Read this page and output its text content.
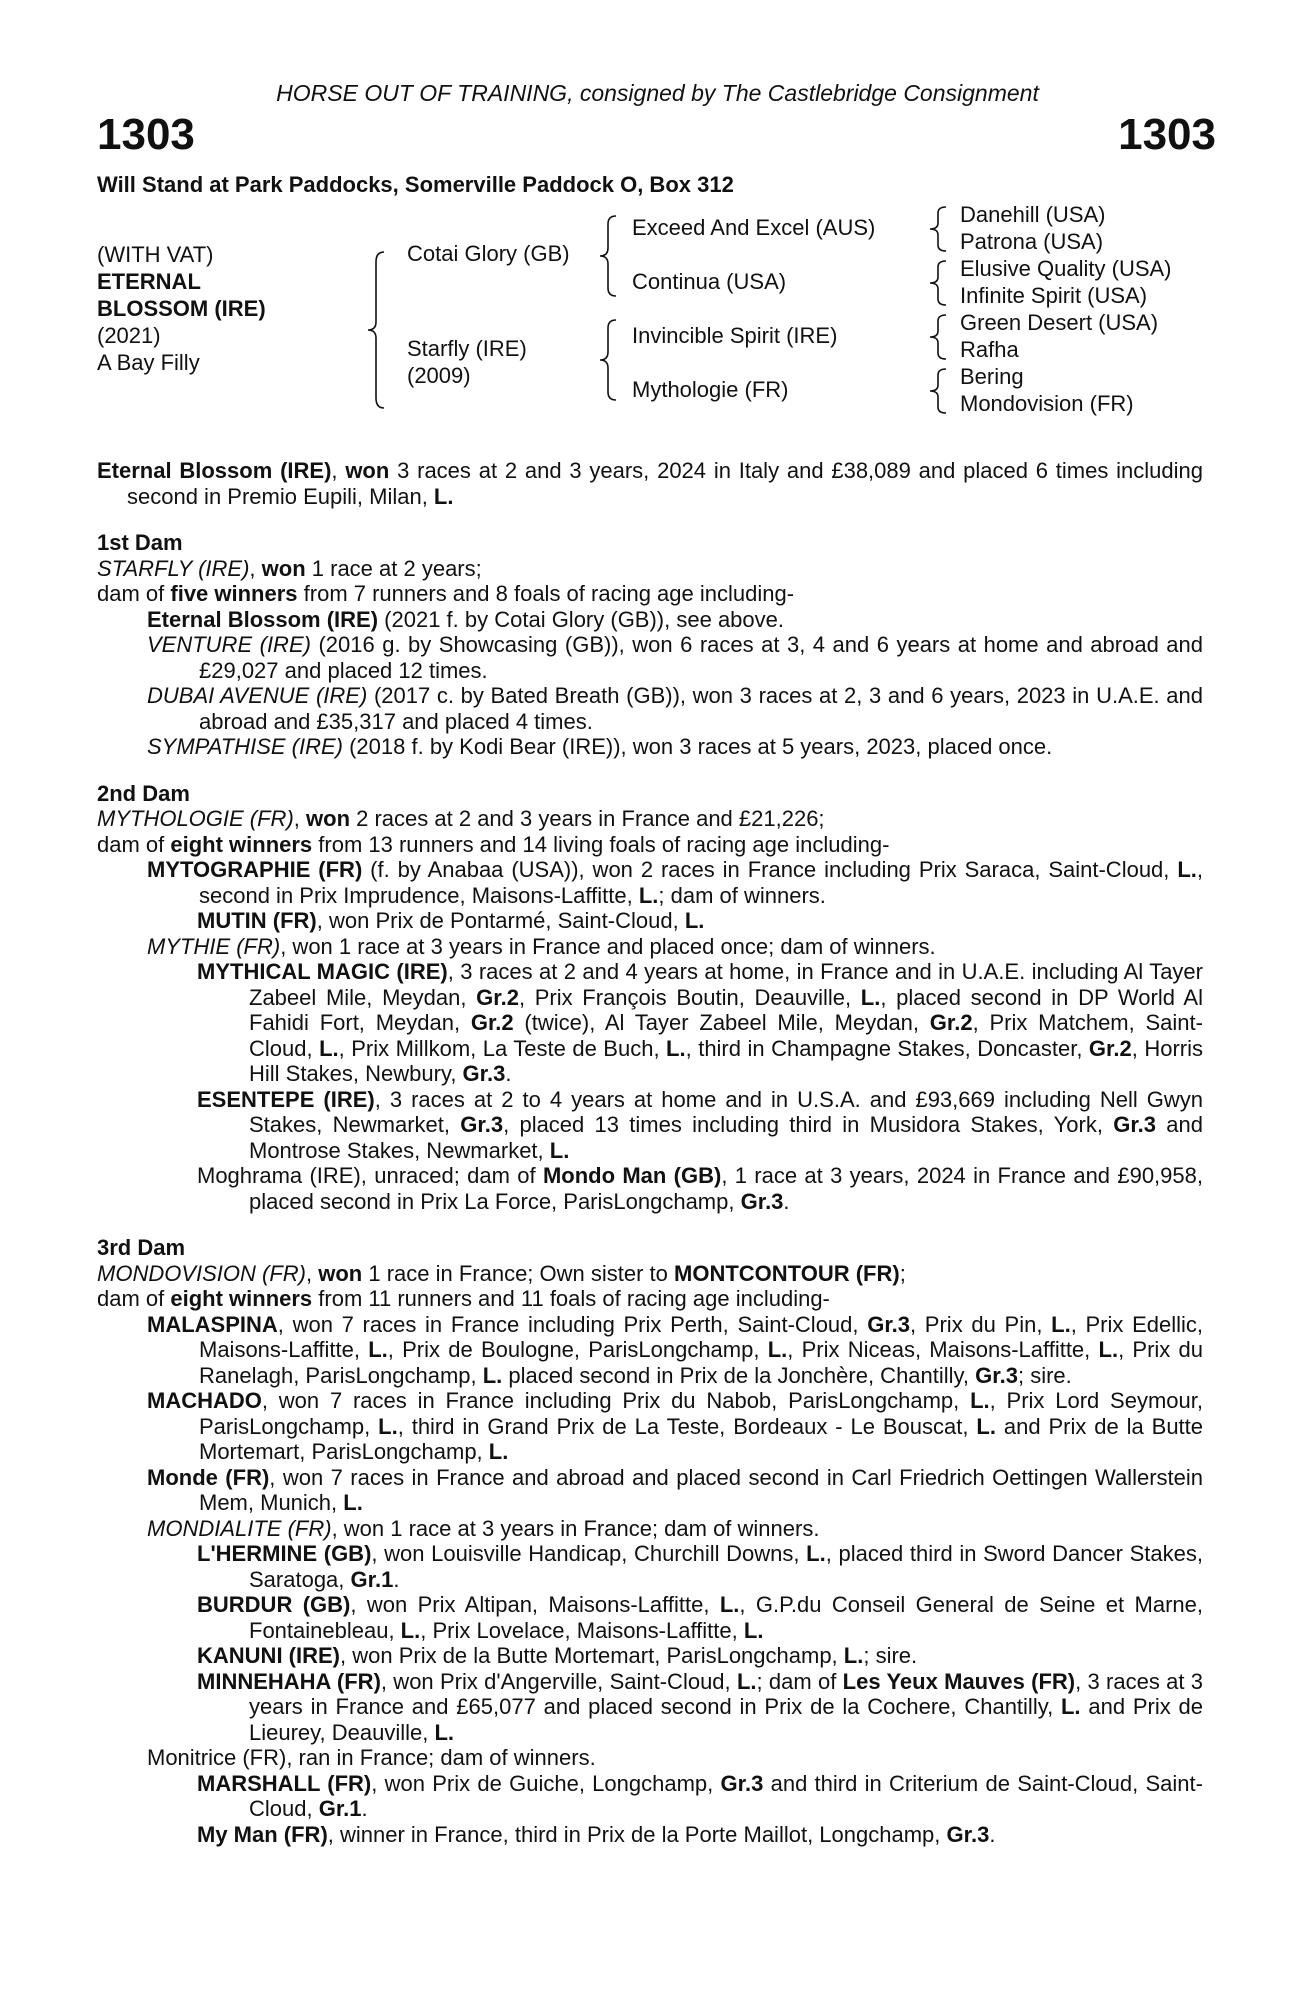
HORSE OUT OF TRAINING, consigned by The Castlebridge Consignment
1303	1303
Will Stand at Park Paddocks, Somerville Paddock O, Box 312
(WITH VAT)
ETERNAL
BLOSSOM (IRE)
(2021)
A Bay Filly
Cotai Glory (GB)
Starfly (IRE)
(2009)
Exceed And Excel (AUS)
Continua (USA)
Invincible Spirit (IRE)
Mythologie (FR)
Danehill (USA)
Patrona (USA)
Elusive Quality (USA)
Infinite Spirit (USA)
Green Desert (USA)
Rafha
Bering
Mondovision (FR)

Eternal Blossom (IRE), won 3 races at 2 and 3 years, 2024 in Italy and £38,089 and placed 6 times including second in Premio Eupili, Milan, L.

1st Dam

STARFLY (IRE), won 1 race at 2 years;

dam of five winners from 7 runners and 8 foals of racing age including-

Eternal Blossom (IRE) (2021 f. by Cotai Glory (GB)), see above.

VENTURE (IRE) (2016 g. by Showcasing (GB)), won 6 races at 3, 4 and 6 years at home and abroad and £29,027 and placed 12 times.

DUBAI AVENUE (IRE) (2017 c. by Bated Breath (GB)), won 3 races at 2, 3 and 6 years, 2023 in U.A.E. and abroad and £35,317 and placed 4 times.

SYMPATHISE (IRE) (2018 f. by Kodi Bear (IRE)), won 3 races at 5 years, 2023, placed once.

2nd Dam

MYTHOLOGIE (FR), won 2 races at 2 and 3 years in France and £21,226;

dam of eight winners from 13 runners and 14 living foals of racing age including-

MYTOGRAPHIE (FR) (f. by Anabaa (USA)), won 2 races in France including Prix Saraca, Saint-Cloud, L., second in Prix Imprudence, Maisons-Laffitte, L.; dam of winners.

MUTIN (FR), won Prix de Pontarmé, Saint-Cloud, L.

MYTHIE (FR), won 1 race at 3 years in France and placed once; dam of winners.

MYTHICAL MAGIC (IRE), 3 races at 2 and 4 years at home, in France and in U.A.E. including Al Tayer Zabeel Mile, Meydan, Gr.2, Prix François Boutin, Deauville, L., placed second in DP World Al Fahidi Fort, Meydan, Gr.2 (twice), Al Tayer Zabeel Mile, Meydan, Gr.2, Prix Matchem, Saint-Cloud, L., Prix Millkom, La Teste de Buch, L., third in Champagne Stakes, Doncaster, Gr.2, Horris Hill Stakes, Newbury, Gr.3.

ESENTEPE (IRE), 3 races at 2 to 4 years at home and in U.S.A. and £93,669 including Nell Gwyn Stakes, Newmarket, Gr.3, placed 13 times including third in Musidora Stakes, York, Gr.3 and Montrose Stakes, Newmarket, L.

Moghrama (IRE), unraced; dam of Mondo Man (GB), 1 race at 3 years, 2024 in France and £90,958, placed second in Prix La Force, ParisLongchamp, Gr.3.

3rd Dam

MONDOVISION (FR), won 1 race in France; Own sister to MONTCONTOUR (FR);

dam of eight winners from 11 runners and 11 foals of racing age including-

MALASPINA, won 7 races in France including Prix Perth, Saint-Cloud, Gr.3, Prix du Pin, L., Prix Edellic, Maisons-Laffitte, L., Prix de Boulogne, ParisLongchamp, L., Prix Niceas, Maisons-Laffitte, L., Prix du Ranelagh, ParisLongchamp, L. placed second in Prix de la Jonchère, Chantilly, Gr.3; sire.

MACHADO, won 7 races in France including Prix du Nabob, ParisLongchamp, L., Prix Lord Seymour, ParisLongchamp, L., third in Grand Prix de La Teste, Bordeaux - Le Bouscat, L. and Prix de la Butte Mortemart, ParisLongchamp, L.

Monde (FR), won 7 races in France and abroad and placed second in Carl Friedrich Oettingen Wallerstein Mem, Munich, L.

MONDIALITE (FR), won 1 race at 3 years in France; dam of winners.

L'HERMINE (GB), won Louisville Handicap, Churchill Downs, L., placed third in Sword Dancer Stakes, Saratoga, Gr.1.

BURDUR (GB), won Prix Altipan, Maisons-Laffitte, L., G.P.du Conseil General de Seine et Marne, Fontainebleau, L., Prix Lovelace, Maisons-Laffitte, L.

KANUNI (IRE), won Prix de la Butte Mortemart, ParisLongchamp, L.; sire.

MINNEHAHA (FR), won Prix d'Angerville, Saint-Cloud, L.; dam of Les Yeux Mauves (FR), 3 races at 3 years in France and £65,077 and placed second in Prix de la Cochere, Chantilly, L. and Prix de Lieurey, Deauville, L.

Monitrice (FR), ran in France; dam of winners.

MARSHALL (FR), won Prix de Guiche, Longchamp, Gr.3 and third in Criterium de Saint-Cloud, Saint-Cloud, Gr.1.

My Man (FR), winner in France, third in Prix de la Porte Maillot, Longchamp, Gr.3.
